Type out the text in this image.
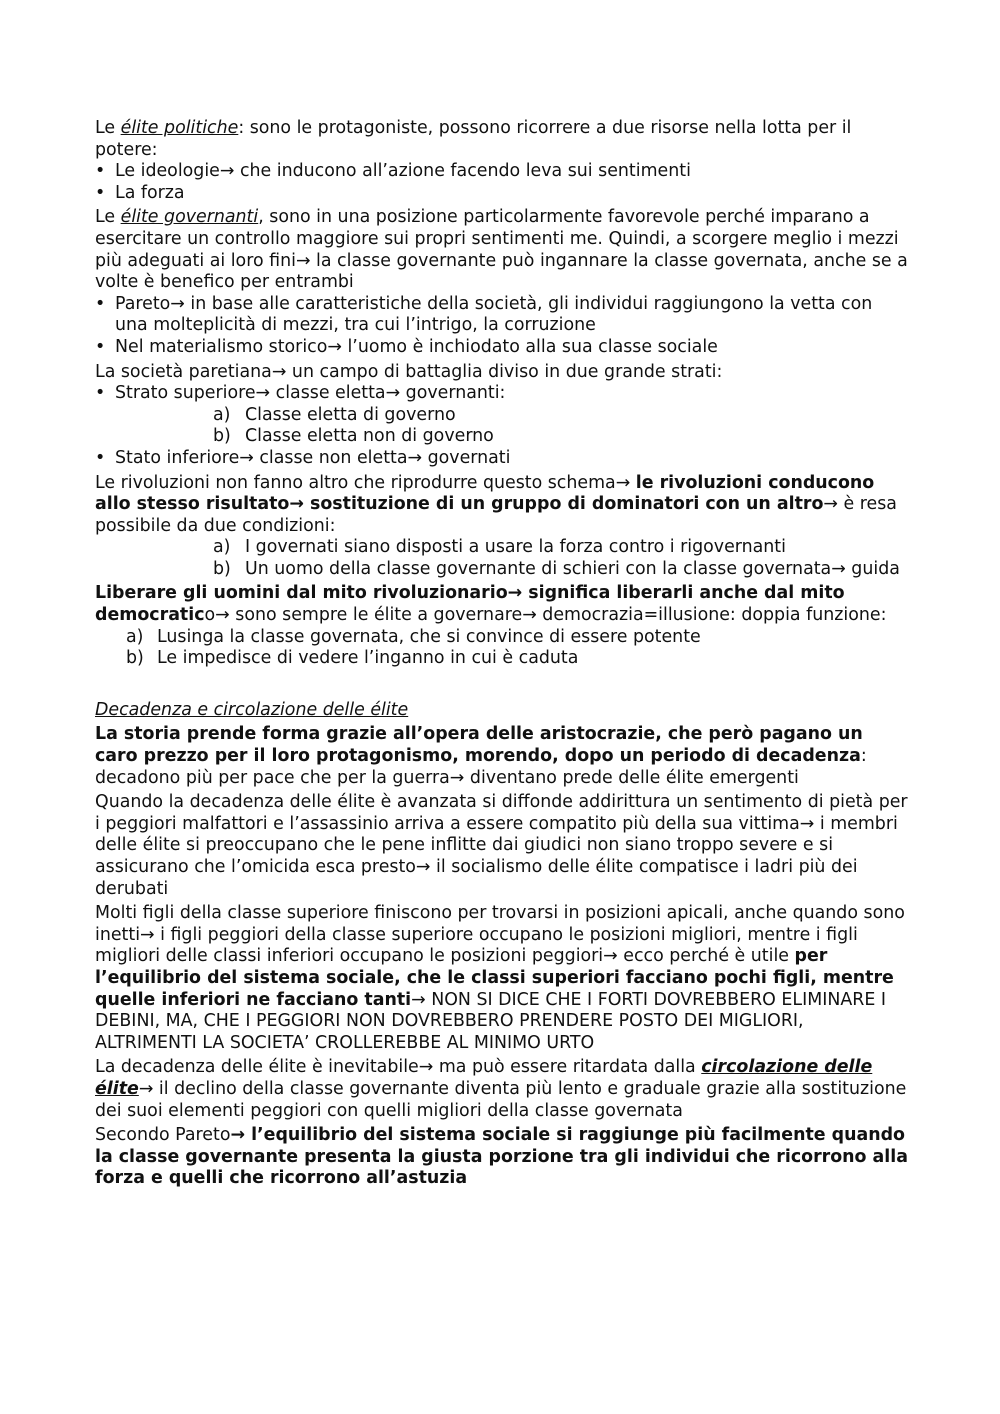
Le élite politiche: sono le protagoniste, possono ricorrere a due risorse nella lotta per il potere:

• Le ideologie→ che inducono all’azione facendo leva sui sentimenti
• La forza

Le élite governanti, sono in una posizione particolarmente favorevole perché imparano a esercitare un controllo maggiore sui propri sentimenti me. Quindi, a scorgere meglio i mezzi più adeguati ai loro fini→ la classe governante può ingannare la classe governata, anche se a volte è benefico per entrambi

• Pareto→ in base alle caratteristiche della società, gli individui raggiungono la vetta con una molteplicità di mezzi, tra cui l’intrigo, la corruzione
• Nel materialismo storico→ l’uomo è inchiodato alla sua classe sociale

La società paretiana→ un campo di battaglia diviso in due grande strati:

• Strato superiore→ classe eletta→ governanti:
a) Classe eletta di governo
b) Classe eletta non di governo
• Stato inferiore→ classe non eletta→ governati

Le rivoluzioni non fanno altro che riprodurre questo schema→ le rivoluzioni conducono allo stesso risultato→ sostituzione di un gruppo di dominatori con un altro→ è resa possibile da due condizioni:

a) I governati siano disposti a usare la forza contro i rigovernanti
b) Un uomo della classe governante di schieri con la classe governata→ guida

Liberare gli uomini dal mito rivoluzionario→ significa liberarli anche dal mito democratico→ sono sempre le élite a governare→ democrazia=illusione: doppia funzione:

a) Lusinga la classe governata, che si convince di essere potente
b) Le impedisce di vedere l’inganno in cui è caduta

Decadenza e circolazione delle élite

La storia prende forma grazie all’opera delle aristocrazie, che però pagano un caro prezzo per il loro protagonismo, morendo, dopo un periodo di decadenza: decadono più per pace che per la guerra→ diventano prede delle élite emergenti

Quando la decadenza delle élite è avanzata si diffonde addirittura un sentimento di pietà per i peggiori malfattori e l’assassinio arriva a essere compatito più della sua vittima→ i membri delle élite si preoccupano che le pene inflitte dai giudici non siano troppo severe e si assicurano che l’omicida esca presto→ il socialismo delle élite compatisce i ladri più dei derubati

Molti figli della classe superiore finiscono per trovarsi in posizioni apicali, anche quando sono inetti→ i figli peggiori della classe superiore occupano le posizioni migliori, mentre i figli migliori delle classi inferiori occupano le posizioni peggiori→ ecco perché è utile per l’equilibrio del sistema sociale, che le classi superiori facciano pochi figli, mentre quelle inferiori ne facciano tanti→ NON SI DICE CHE I FORTI DOVREBBERO ELIMINARE I DEBINI, MA, CHE I PEGGIORI NON DOVREBBERO PRENDERE POSTO DEI MIGLIORI, ALTRIMENTI LA SOCIETA’ CROLLEREBBE AL MINIMO URTO

La decadenza delle élite è inevitabile→ ma può essere ritardata dalla circolazione delle élite→ il declino della classe governante diventa più lento e graduale grazie alla sostituzione dei suoi elementi peggiori con quelli migliori della classe governata

Secondo Pareto→ l’equilibrio del sistema sociale si raggiunge più facilmente quando la classe governante presenta la giusta porzione tra gli individui che ricorrono alla forza e quelli che ricorrono all’astuzia
